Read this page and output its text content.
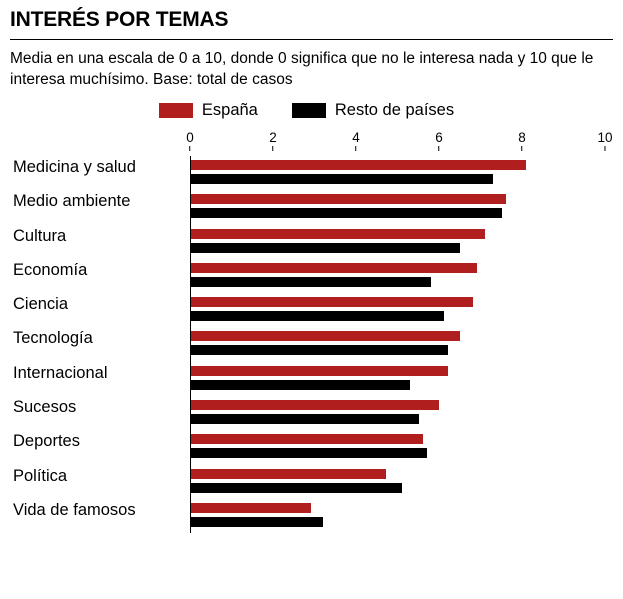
INTERÉS POR TEMAS

Media en una escala de 0 a 10, donde 0 significa que no le interesa nada y 10 que le interesa muchísimo. Base: total de casos

España	Resto de países
0	2	4	6	8	10
Medicina y salud
Medio ambiente
Cultura
Economía
Ciencia
Tecnología
Internacional
Sucesos
Deportes
Política
Vida de famosos
